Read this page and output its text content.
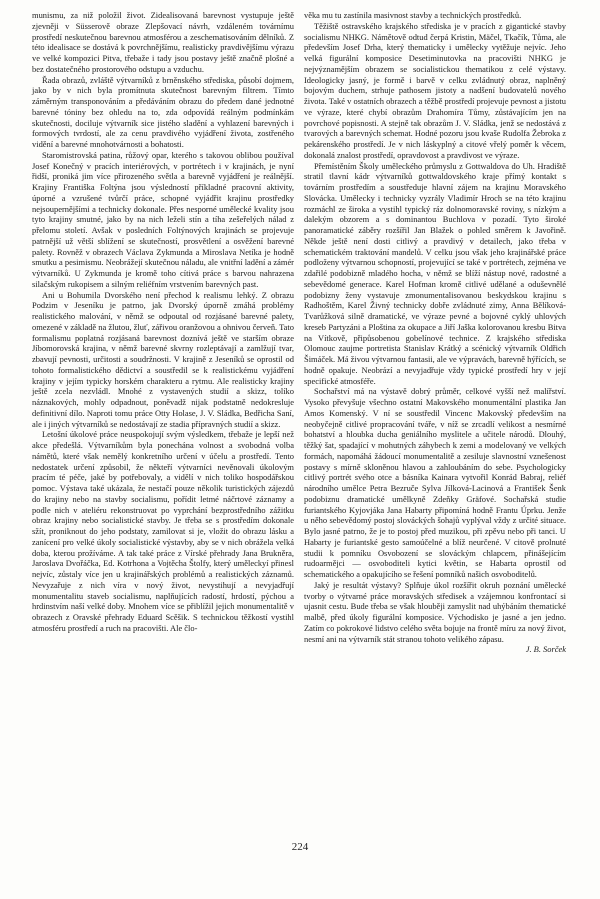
munismu, za niž položil život. Zidealisovaná barevnost vystupuje ještě zjevněji v Süsserově obraze Zlepšovací návrh, vzdáleném továrnímu prostředí neskutečnou barevnou atmosférou a zeschematisováním dělníků. Z této idealisace se dostává k povrchnějšímu, realisticky pravdivějšímu výrazu ve velké kompozici Pitva, třebaže i tady jsou postavy ještě značně plošné a bez dostatečného prostorového odstupu a vzduchu.

Řada obrazů, zvláště výtvarníků z brněnského střediska, působí dojmem, jako by v nich byla promítnuta skutečnost barevným filtrem. Tímto záměrným transponováním a předáváním obrazu do předem dané jednotné barevné tóniny bez ohledu na to, zda odpovídá reálným podmínkám skutečnosti, dociluje výtvarník sice jistého sladění a vyhlazení barevných i formových tvrdostí, ale za cenu pravdivého vyjádření života, zostřeného vidění a barevné mnohotvárnosti a bohatosti.

Staromistrovská patina, růžový opar, kterého s takovou oblibou používal Josef Konečný v pracích interiérových, v portrétech i v krajinách, je nyní řidší, proniká jim více přirozeného světla a barevně vyjádření je reálnější. Krajiny Františka Foltýna jsou výsledností příkladné pracovní aktivity, úporné a vzrušené tvůrčí práce, schopné vyjádřit krajinu prostředky nejsoupernějšími a technicky dokonale. Přes nesporné umělecké kvality jsou tyto krajiny smutné, jako by na nich leželi stín a tíha zešeřelých nálad z přelomu století. Avšak v posledních Foltýnových krajinách se projevuje patrnější už větší sblížení se skutečností, prosvětlení a osvěžení barevné palety. Rovněž v obrazech Václava Zykmunda a Miroslava Netíka je hodně smutku a pesimismu. Neobrážejí skutečnou náladu, ale vnitřní ladění a zámér výtvarníků. U Zykmunda je kromě toho cítivá práce s barvou nahrazena silačským rukopisem a silným reliéfním vrstvením barevných past.

Ani u Bohumila Dvorského není přechod k realismu lehký. Z obrazu Podzim v Jeseníku je patrno, jak Dvorský úporně zmáhá problémy realistického malování, v němž se odpoutal od rozjásané barevné palety, omezené v základě na žlutou, žluť, zářivou oranžovou a ohnivou červeň. Tato formalismu poplatná rozjásaná barevnost doznívá ještě ve starším obraze Jíbomorovská krajina, v němž barevné skvrny rozleptávají a zamlžují tvar, zbavují pevnosti, určitosti a soudržnosti. V krajině z Jeseníků se oprostil od tohoto formalistického dědictví a soustředil se k realistickému vyjádření krajiny v jejím typicky horském charakteru a rytmu. Ale realisticky krajiny ještě zcela nezvládl. Mnohé z vystavených studií a skizz, tolíko náznakových, mohly odpadnout, poněvadž nijak podstatně nedokresluje definitivní dílo. Naproti tomu práce Otty Holase, J. V. Sládka, Bedřicha Saní, ale i jiných výtvarníků se nedostávají ze stadia přípravných studií a skizz.

Letošní úkolové práce neuspokojují svým výsledkem, třebaže je lepší než akce předešlá. Výtvarníkům byla ponechána volnost a svobodná volba námětů, které však nemělý konkretního určení v účelu a prostředí. Tento nedostatek určení způsobil, že někteří výtvarníci nevěnovali úkolovým pracím té péče, jaké by potřebovaly, a vidělí v nich toliko hospodářskou pomoc. Výstava také ukázala, že nestačí pouze několik turistických zájezdů do krajiny nebo na stavby socialismu, pořídit letmé náčrtové záznamy a podle nich v ateliéru rekonstruovat po vyprchání bezprostředního zážitku obraz krajiny nebo socialistické stavby. Je třeba se s prostředím dokonale sžít, proniknout do jeho podstaty, zamilovat si je, vložit do obrazu lásku a zanícení pro velké úkoly socialistické výstavby, aby se v nich obrážela velká doba, kterou prožíváme. A tak také práce z Vírské přehrady Jana Brukněra, Jaroslava Dvořáčka, Ed. Kotrhona a Vojtěcha Štolfy, který uměleckyí přinesl nejvíc, zůstaly více jen u krajinářských problémů a realistických záznamů. Nevyzařuje z nich víra v nový život, nevystihují a nevyjadřují monumentalitu staveb socialismu, naplňujících radostí, hrdostí, pýchou a hrdinstvím naší velké doby. Mnohem více se přiblížil jejich monumentalitě v obrazech z Oravské přehrady Eduard Scěšik. S technickou těžkostí vystihl atmosféru prostředí a ruch na pracovišti. Ale člo-

věka mu tu zastínila masivnost stavby a technických prostředků.

Těžiště ostravského krajského střediska je v pracích z gigantické stavby socialismu NHKG. Námětově odtud čerpá Kristin, Mäčel, Tkačík, Tůma, ale především Josef Drha, který thematicky i umělecky vytěžuje nejvíc. Jeho velká figurální komposice Desetiminutovka na pracovišti NHKG je nejvýznamějším obrazem se socialistickou thematikou z celé výstavy. Ideologicky jasný, je formě i barvě v celku zvládnutý obraz, naplněný bojovým duchem, strhuje pathosem jistoty a nadšení budovatelů nového života. Také v ostatních obrazech a těžbě prostředí projevuje pevnost a jistotu ve výraze, které chybí obrazům Drahomíra Tůmy, zůstávajícím jen na povrchové popisnosti. A stejně tak obrazům J. V. Sládka, jenž se nedostává z tvarových a barevných schemat. Hodné pozoru jsou kvaše Rudolfa Žebroka z pekárenského prostředí. Je v nich láskyplný a citové vřelý poměr k věcem, dokonalá znalost prostředí, opravdovost a pravdivost ve výraze.

Přemístěním Školy uměleckého průmyslu z Gottwaldova do Uh. Hradiště stratil tlavní kádr výtvarníků gottwaldovského kraje přímý kontakt s továrním prostředím a soustředuje hlavní zájem na krajinu Moravského Slovácka. Umělecky i technicky vyzrály Vladimír Hroch se na této krajinu rozmáchl ze široka a vystihl typický ráz dolnomoravské roviny, s nízkým a dalekým obzorem a s dominantou Buchlova v pozadí. Tyto široké panoramatické záběry rozšířil Jan Blažek o pohled směrem k Javořině. Někde ještě není dosti citlivý a pravdivý v detailech, jako třeba v schematickém traktování mandelů. V celku jsou však jeho krajinářské práce podloženy výtvarnou schopností, projevující se také v portrétech, zejména ve zdařilé podobizně mladého hocha, v němž se blíží nástup nové, radostné a sebevědomé generace. Karel Hofman kromě citlivé udělané a oduševnělé podobizny ženy vystavuje zmonumentalisovanou beskydskou krajinu s Radhoštěm, Karel Živný technicky dobře zvládnuté zimy, Anna Bělíková-Tvarůžková silně dramatické, ve výraze pevné a bojovné cyklý uhlových kreseb Partyzáni a Ploština za okupace a Jiří Jaška kolorovanou kresbu Bitva na Vítkově, připůsobenou gobelínové technice. Z krajského střediska Olomouc zaujme portretista Stanislav Krátký a scénický výtvarník Oldřich Šimáček. Má živou výtvarnou fantasii, ale ve výpravách, barevně hýřících, se hodně opakuje. Neobrází a nevyjadřuje vždy typické prostředí hry v její specifické atmosféře.

Sochařství má na výstavě dobrý průměr, celkové vyšší než malířství. Vysoko převyšuje všechno ostatní Makovského monumentální plastika Jan Amos Komenský. V ní se soustředil Vincenc Makovský především na neobyčejně citlivé propracování tváře, v níž se zrcadlí velikost a nesmírné bohatství a hloubka ducha geniálního myslitele a učitele národů. Dlouhý, těžký šat, spadající v mohutných záhybech k zemi a modelovaný ve velkých formách, napomáhá žádoucí monumentalitě a zesiluje slavnostní vznešenost postavy s mírně skloněnou hlavou a zahloubáním do sebe. Psychologicky citlivý portrét svého otce a básníka Kainara vytvořil Konrád Babraj, reliéf národního umělce Petra Bezruče Sylva Jílková-Lacinová a František Šenk podobiznu dramatické umělkyně Zdeňky Gräfové. Sochařská studie furiantského Kyjovjáka Jana Habarty připomíná hodně Frantu Úprku. Jenže u něho sebevědomý postoj slováckých šohajů vyplýval vždy z určité situace. Bylo jasné patrno, že je to postoj před muzikou, při zpěvu nebo při tanci. U Habarty je furiantské gesto samoúčelné a blíž neurčené. V citově prolnuté studii k pomníku Osvobození se slováckým chlapcem, přinášejícím rudoarmějci — osvoboditeli kytici květin, se Habarta oprostil od schematického a opakujícího se řešení pomníků našich osvoboditelů.

Jaký je resultát výstavy? Splňuje úkol rozšířit okruh poznání umělecké tvorby o výtvarné práce moravských středisek a vzájemnou konfrontací si ujasnit cestu. Bude třeba se však hlouběji zamyslit nad uhýbáním thematické malbě, před úkoly figurální komposice. Východisko je jasné a jen jedno. Zatím co pokrokové lidstvo celého světa bojuje na frontě míru za nový život, nesmí ani na výtvarník stát stranou tohoto velikého zápasu.

J. B. Sorček

224
